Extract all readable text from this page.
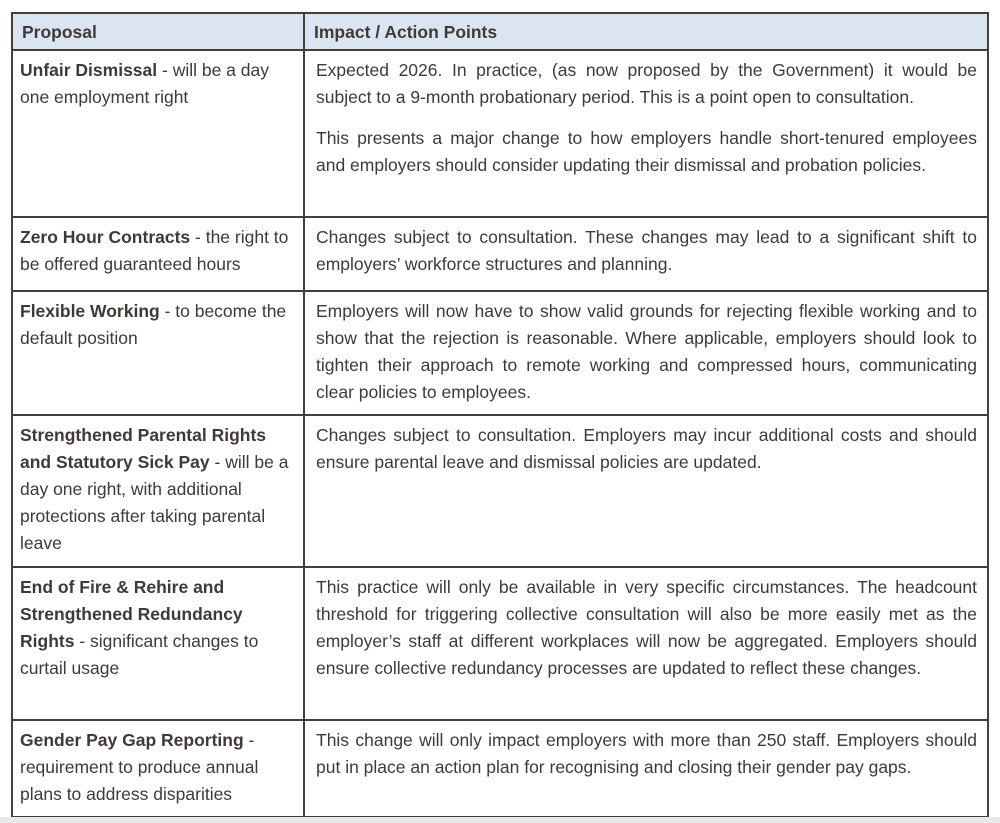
Proposal	Impact / Action Points
Unfair Dismissal - will be a day one employment right	Expected 2026. In practice, (as now proposed by the Government) it would be subject to a 9-month probationary period. This is a point open to consultation.

This presents a major change to how employers handle short-tenured employees and employers should consider updating their dismissal and probation policies.

Zero Hour Contracts - the right to be offered guaranteed hours	Changes subject to consultation. These changes may lead to a significant shift to employers’ workforce structures and planning.

Flexible Working - to become the default position	Employers will now have to show valid grounds for rejecting flexible working and to show that the rejection is reasonable. Where applicable, employers should look to tighten their approach to remote working and compressed hours, communicating clear policies to employees.

Strengthened Parental Rights and Statutory Sick Pay - will be a day one right, with additional protections after taking parental leave	Changes subject to consultation. Employers may incur additional costs and should ensure parental leave and dismissal policies are updated.

End of Fire & Rehire and Strengthened Redundancy Rights - significant changes to curtail usage	This practice will only be available in very specific circumstances. The headcount threshold for triggering collective consultation will also be more easily met as the employer’s staff at different workplaces will now be aggregated. Employers should ensure collective redundancy processes are updated to reflect these changes.

Gender Pay Gap Reporting - requirement to produce annual plans to address disparities	This change will only impact employers with more than 250 staff. Employers should put in place an action plan for recognising and closing their gender pay gaps.
